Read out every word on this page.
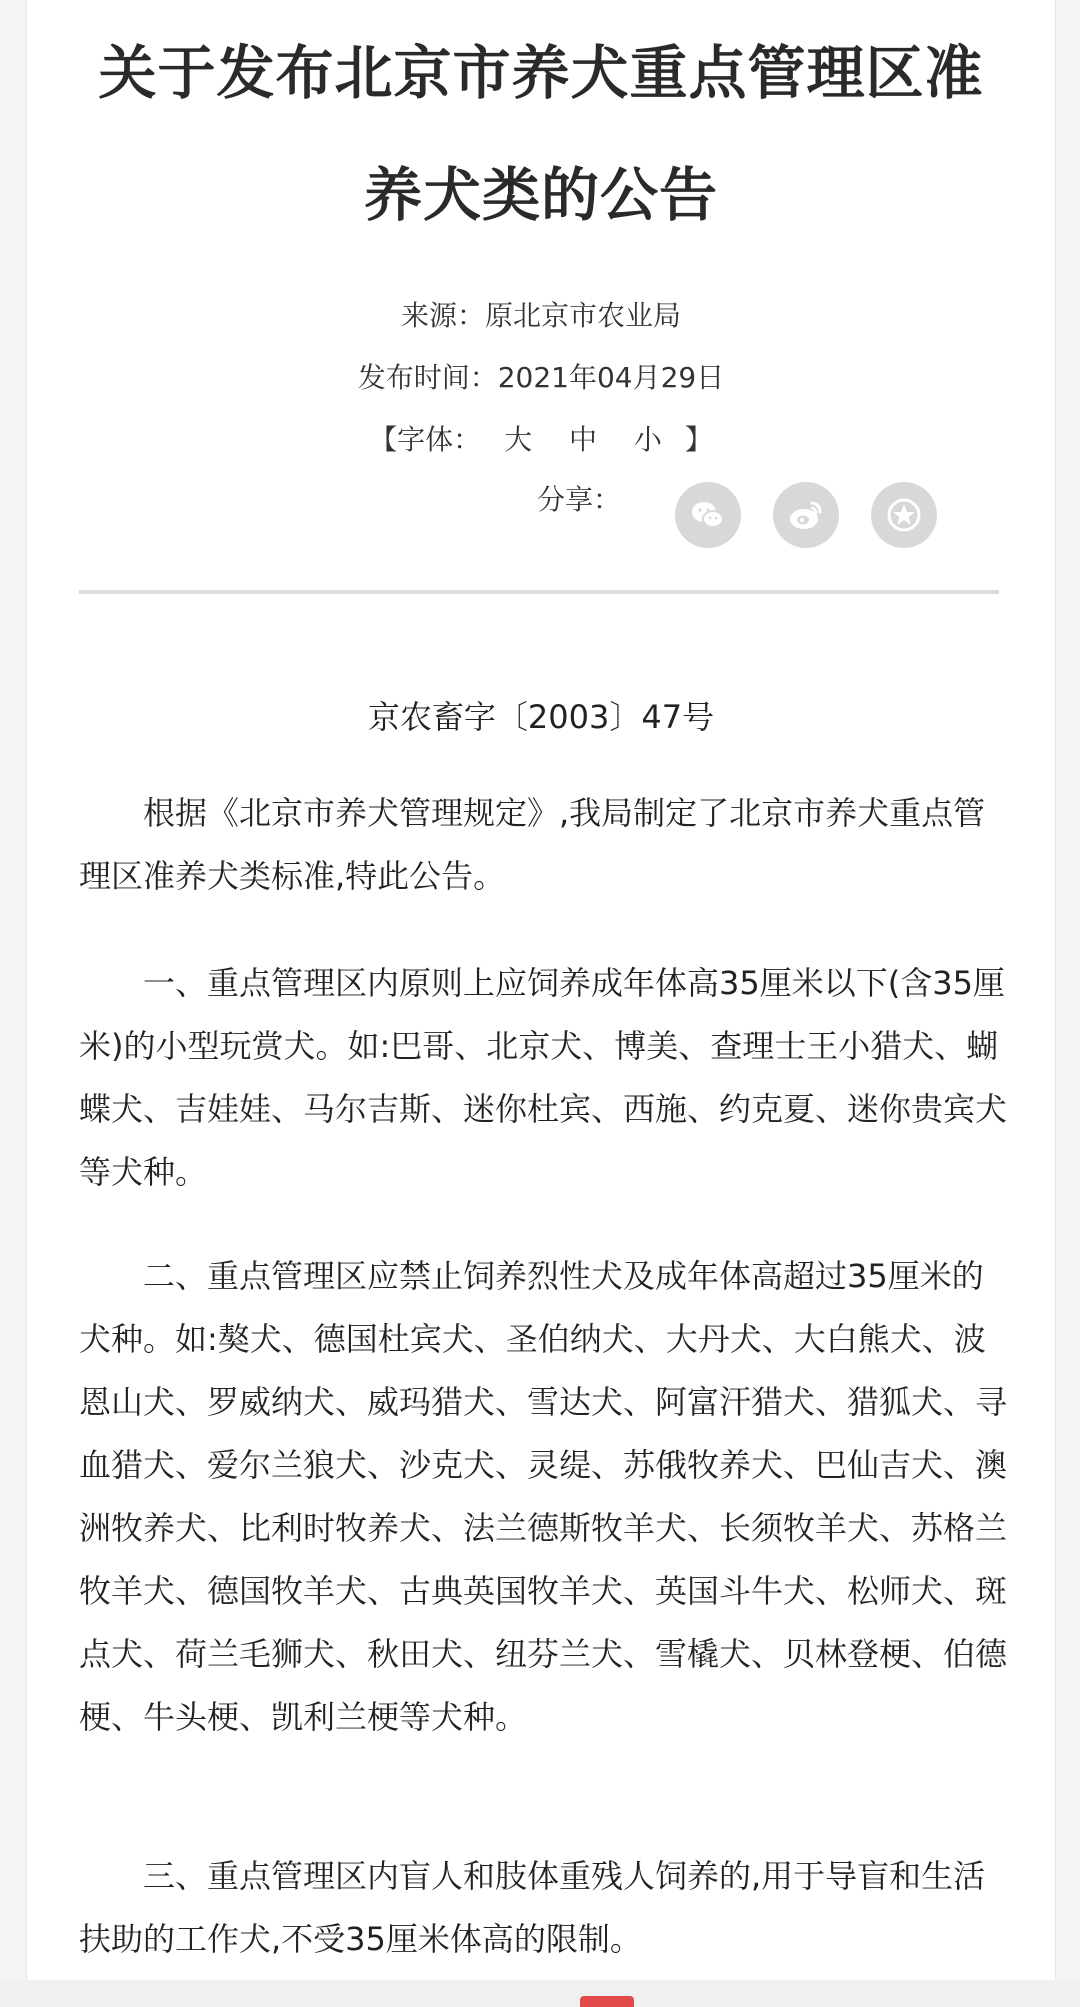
关于发布北京市养犬重点管理区准
养犬类的公告
来源：原北京市农业局
发布时间：2021年04月29日
【字体： 大 中 小 】
分享：
京农畜字〔2003〕47号

根据《北京市养犬管理规定》,我局制定了北京市养犬重点管理区准养犬类标准,特此公告。

一、重点管理区内原则上应饲养成年体高35厘米以下(含35厘米)的小型玩赏犬。如:巴哥、北京犬、博美、查理士王小猎犬、蝴蝶犬、吉娃娃、马尔吉斯、迷你杜宾、西施、约克夏、迷你贵宾犬等犬种。

二、重点管理区应禁止饲养烈性犬及成年体高超过35厘米的犬种。如:獒犬、德国杜宾犬、圣伯纳犬、大丹犬、大白熊犬、波恩山犬、罗威纳犬、威玛猎犬、雪达犬、阿富汗猎犬、猎狐犬、寻血猎犬、爱尔兰狼犬、沙克犬、灵缇、苏俄牧养犬、巴仙吉犬、澳洲牧养犬、比利时牧养犬、法兰德斯牧羊犬、长须牧羊犬、苏格兰牧羊犬、德国牧羊犬、古典英国牧羊犬、英国斗牛犬、松师犬、斑点犬、荷兰毛狮犬、秋田犬、纽芬兰犬、雪橇犬、贝林登梗、伯德梗、牛头梗、凯利兰梗等犬种。

三、重点管理区内盲人和肢体重残人饲养的,用于导盲和生活扶助的工作犬,不受35厘米体高的限制。
